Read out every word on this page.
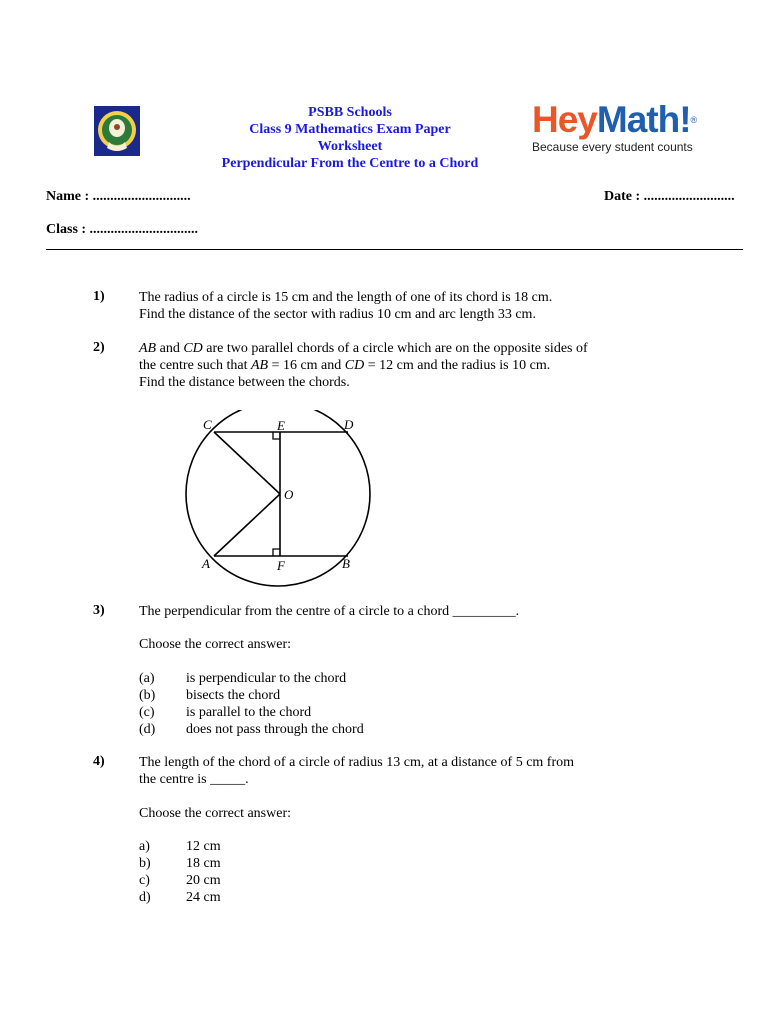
PSBB Schools
Class 9 Mathematics Exam Paper
Worksheet
Perpendicular From the Centre to a Chord
HeyMath!®
Because every student counts
Name : ............................	Date : ..........................
Class : ...............................
1) The radius of a circle is 15 cm and the length of one of its chord is 18 cm.
Find the distance of the sector with radius 10 cm and arc length 33 cm.
2) AB and CD are two parallel chords of a circle which are on the opposite sides of
the centre such that AB = 16 cm and CD = 12 cm and the radius is 10 cm.
Find the distance between the chords.
C	E	D
O
A	F	B
3) The perpendicular from the centre of a circle to a chord _________.
Choose the correct answer:
(a) is perpendicular to the chord
(b) bisects the chord
(c) is parallel to the chord
(d) does not pass through the chord
4) The length of the chord of a circle of radius 13 cm, at a distance of 5 cm from
the centre is _____.
Choose the correct answer:
a)	12 cm
b)	18 cm
c)	20 cm
d)	24 cm
